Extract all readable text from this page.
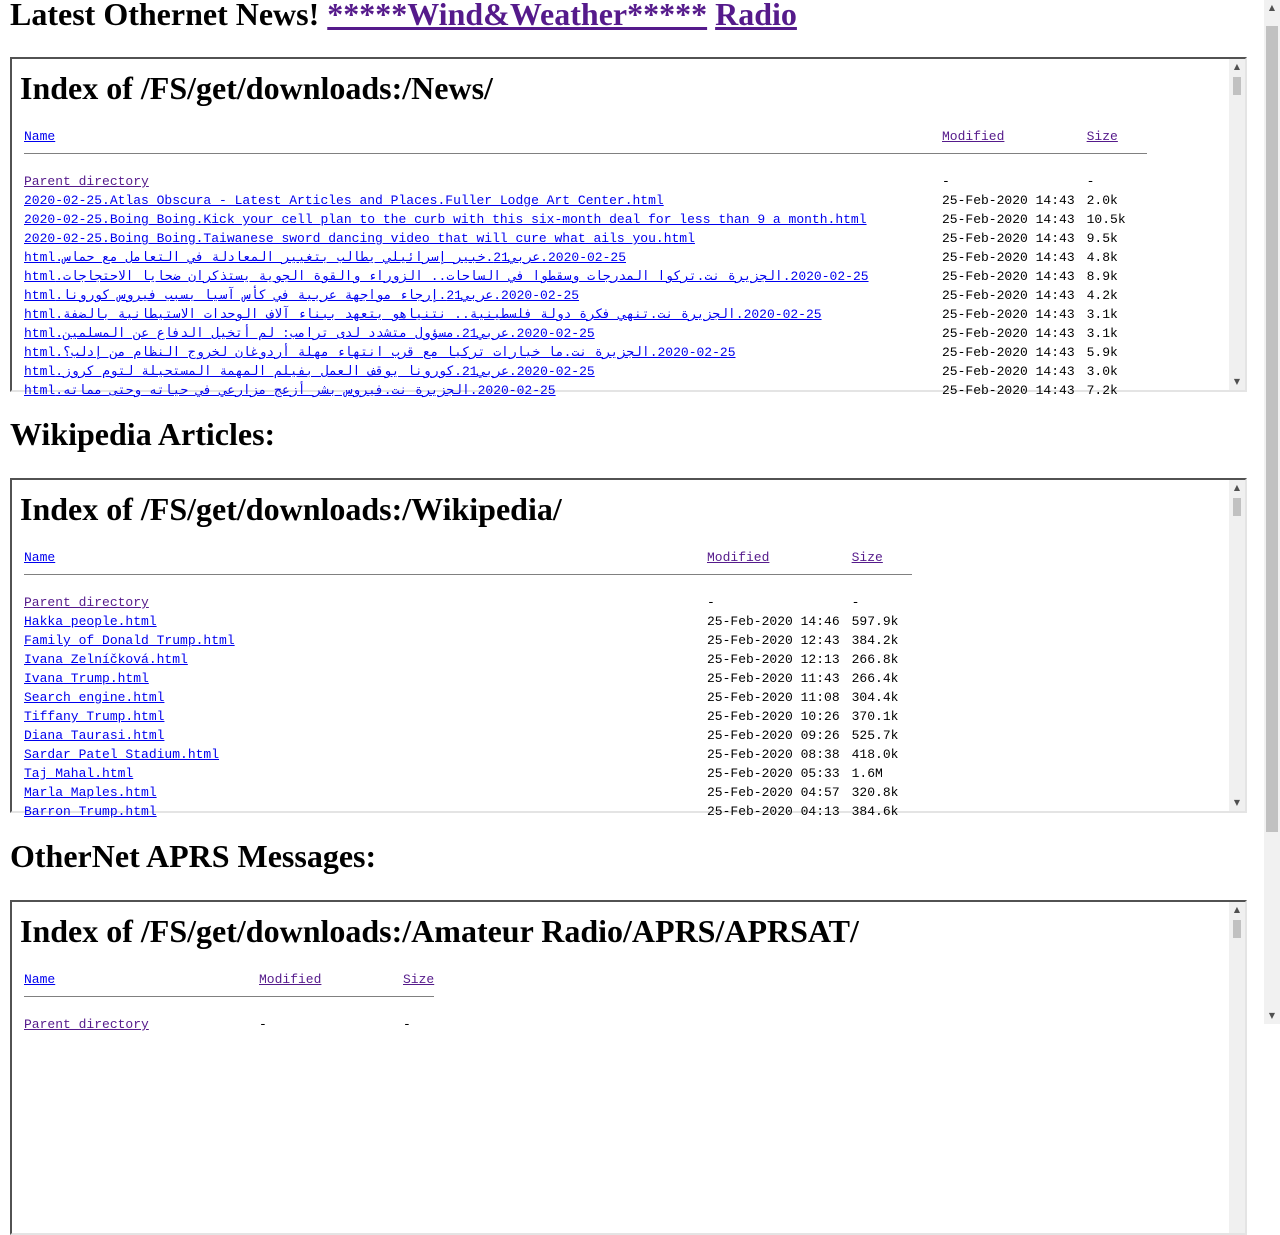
Latest Othernet News! *****Wind&Weather***** Radio
Index of /FS/get/downloads:/News/
Name	Modified	Size

Parent directory	-	-
2020-02-25.Atlas Obscura - Latest Articles and Places.Fuller Lodge Art Center.html	25-Feb-2020 14:43	2.0k
2020-02-25.Boing Boing.Kick your cell plan to the curb with this six-month deal for less than 9 a month.html	25-Feb-2020 14:43	10.5k
2020-02-25.Boing Boing.Taiwanese sword dancing video that will cure what ails you.html	25-Feb-2020 14:43	9.5k
2020-02-25.عربي21.خبير إسرائيلي يطالب بتغيير المعادلة في التعامل مع حماس.html	25-Feb-2020 14:43	4.8k
2020-02-25.الجزيرة نت.تركوا المدرجات وسقطوا في الساحات.. الزوراء والقوة الجوية يستذكران ضحايا الاحتجاجات.html	25-Feb-2020 14:43	8.9k
2020-02-25.عربي21.إرجاء مواجهة عربية في كأس آسيا بسبب فيروس كورونا.html	25-Feb-2020 14:43	4.2k
2020-02-25.الجزيرة نت.تنهي فكرة دولة فلسطينية.. نتنياهو يتعهد ببناء آلاف الوحدات الاستيطانية بالضفة.html	25-Feb-2020 14:43	3.1k
2020-02-25.عربي21.مسؤول متشدد لدى ترامب: لم أتخيل الدفاع عن المسلمين.html	25-Feb-2020 14:43	3.1k
2020-02-25.الجزيرة نت.ما خيارات تركيا مع قرب انتهاء مهلة أردوغان لخروج النظام من إدلب؟.html	25-Feb-2020 14:43	5.9k
2020-02-25.عربي21.كورونا يوقف العمل بفيلم المهمة المستحيلة لتوم كروز.html	25-Feb-2020 14:43	3.0k
2020-02-25.الجزيرة نت.فيروس بشر أزعج مزارعي في حياته وحتى مماته.html	25-Feb-2020 14:43	7.2k
▲
▼
Wikipedia Articles:
Index of /FS/get/downloads:/Wikipedia/
Name	Modified	Size

Parent directory	-	-
Hakka_people.html	25-Feb-2020 14:46	597.9k
Family_of_Donald_Trump.html	25-Feb-2020 12:43	384.2k
Ivana_Zelníčková.html	25-Feb-2020 12:13	266.8k
Ivana_Trump.html	25-Feb-2020 11:43	266.4k
Search_engine.html	25-Feb-2020 11:08	304.4k
Tiffany_Trump.html	25-Feb-2020 10:26	370.1k
Diana_Taurasi.html	25-Feb-2020 09:26	525.7k
Sardar_Patel_Stadium.html	25-Feb-2020 08:38	418.0k
Taj_Mahal.html	25-Feb-2020 05:33	1.6M
Marla_Maples.html	25-Feb-2020 04:57	320.8k
Barron_Trump.html	25-Feb-2020 04:13	384.6k
▲
▼
OtherNet APRS Messages:
Index of /FS/get/downloads:/Amateur Radio/APRS/APRSAT/
Name	Modified	Size

Parent directory	-	-
▲
▲
▼
